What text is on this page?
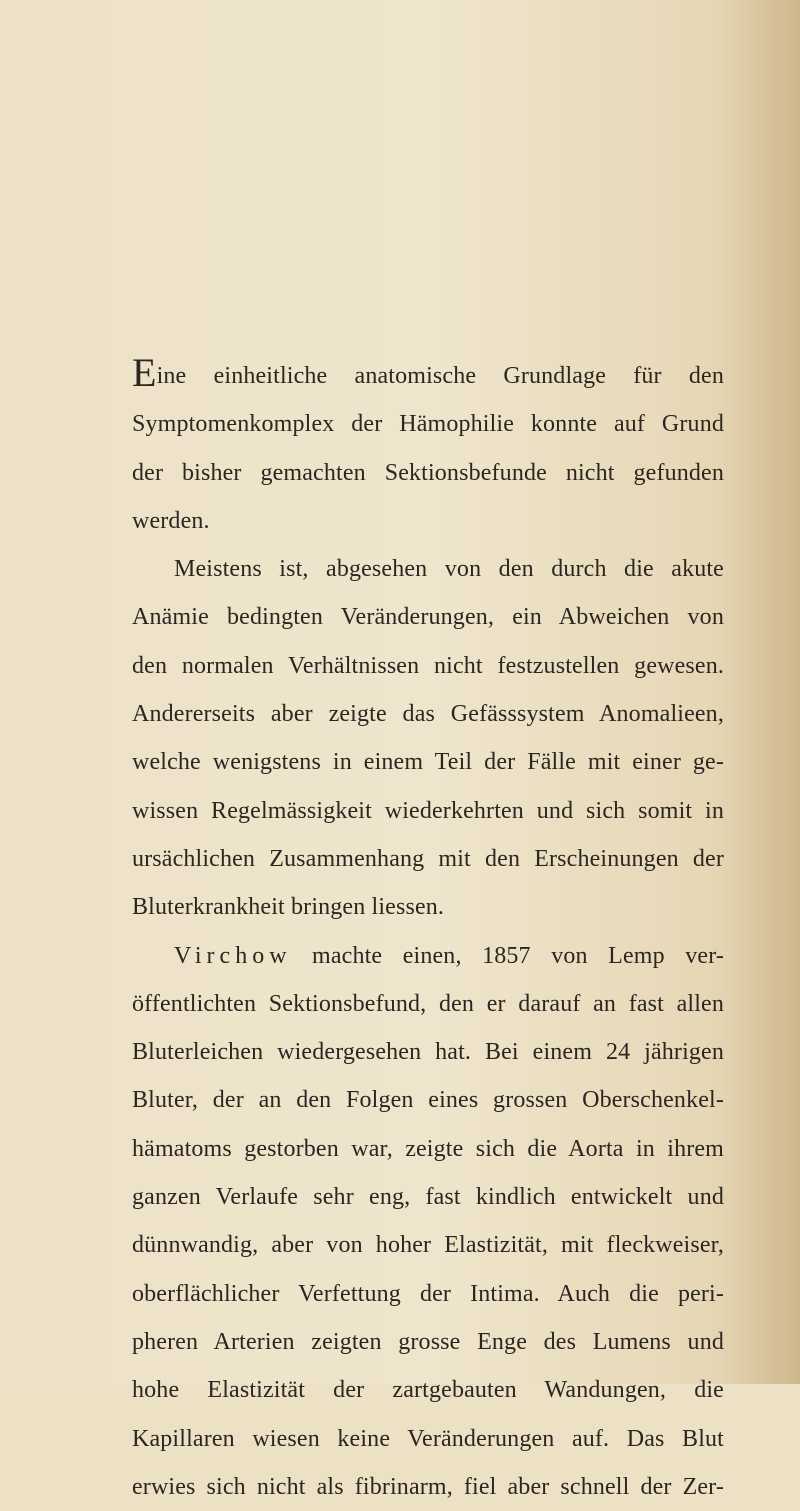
Eine einheitliche anatomische Grundlage für den
Symptomenkomplex der Hämophilie konnte auf Grund
der bisher gemachten Sektionsbefunde nicht gefunden
werden.
Meistens ist, abgesehen von den durch die akute
Anämie bedingten Veränderungen, ein Abweichen von
den normalen Verhältnissen nicht festzustellen gewesen.
Andererseits aber zeigte das Gefässsystem Anomalieen,
welche wenigstens in einem Teil der Fälle mit einer ge-
wissen Regelmässigkeit wiederkehrten und sich somit in
ursächlichen Zusammenhang mit den Erscheinungen der
Bluterkrankheit bringen liessen.
Virchow machte einen, 1857 von Lemp ver-
öffentlichten Sektionsbefund, den er darauf an fast allen
Bluterleichen wiedergesehen hat. Bei einem 24 jährigen
Bluter, der an den Folgen eines grossen Oberschenkel-
hämatoms gestorben war, zeigte sich die Aorta in ihrem
ganzen Verlaufe sehr eng, fast kindlich entwickelt und
dünnwandig, aber von hoher Elastizität, mit fleckweiser,
oberflächlicher Verfettung der Intima. Auch die peri-
pheren Arterien zeigten grosse Enge des Lumens und
hohe Elastizität der zartgebauten Wandungen, die
Kapillaren wiesen keine Veränderungen auf. Das Blut
erwies sich nicht als fibrinarm, fiel aber schnell der Zer-
